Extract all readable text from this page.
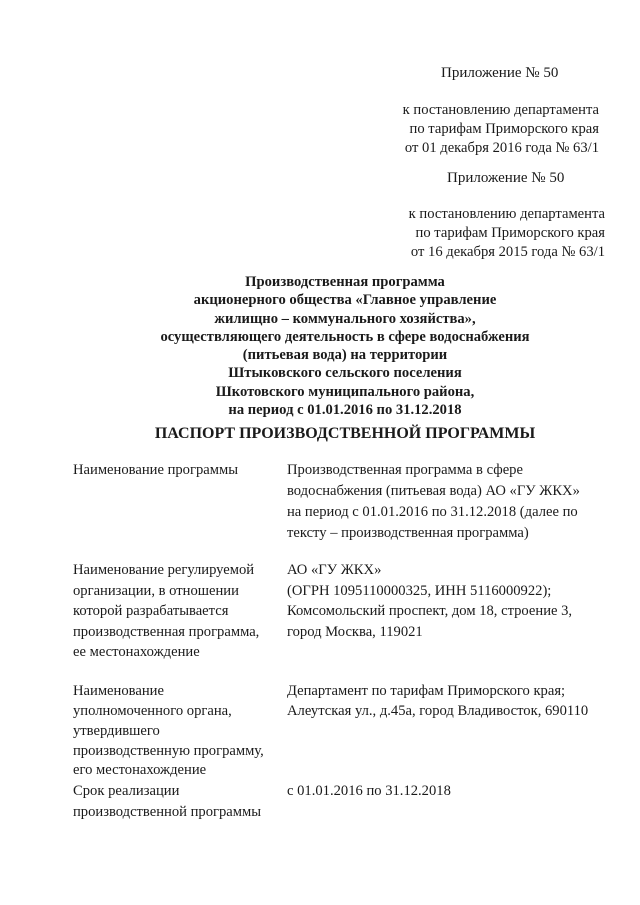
Приложение № 50
к постановлению департамента
по тарифам Приморского края
от 01 декабря 2016 года № 63/1
Приложение № 50
к постановлению департамента
по тарифам Приморского края
от 16 декабря 2015 года № 63/1
Производственная программа
акционерного общества «Главное управление
жилищно – коммунального хозяйства»,
осуществляющего деятельность в сфере водоснабжения
(питьевая вода) на территории
Штыковского сельского поселения
Шкотовского муниципального района,
на период с 01.01.2016 по 31.12.2018
ПАСПОРТ ПРОИЗВОДСТВЕННОЙ ПРОГРАММЫ
Наименование программы	Производственная программа в сфере
водоснабжения (питьевая вода) АО «ГУ ЖКХ»
на период с 01.01.2016 по 31.12.2018 (далее по
тексту – производственная программа)
Наименование регулируемой
организации, в отношении
которой разрабатывается
производственная программа,
ее местонахождение
АО «ГУ ЖКХ»
(ОГРН 1095110000325, ИНН 5116000922);
Комсомольский проспект, дом 18, строение 3,
город Москва, 119021
Наименование
уполномоченного органа,
утвердившего
производственную программу,
его местонахождение
Департамент по тарифам Приморского края;
Алеутская ул., д.45а, город Владивосток, 690110
Срок реализации
производственной программы
с 01.01.2016 по 31.12.2018
